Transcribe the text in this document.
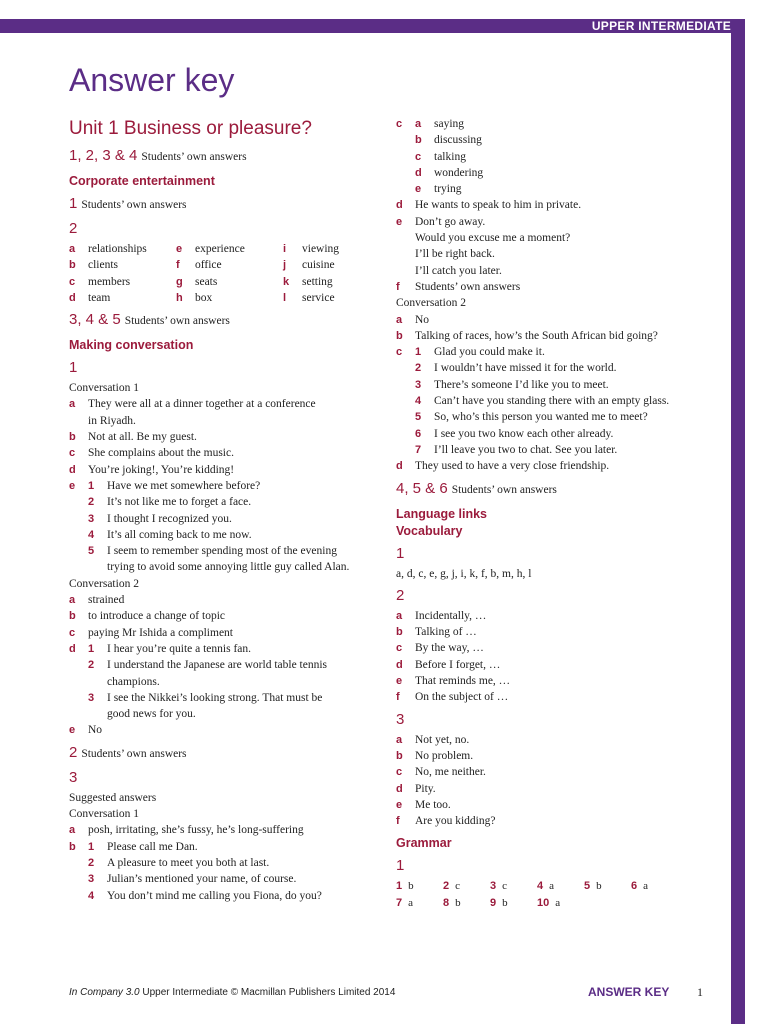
UPPER INTERMEDIATE
Answer key
Unit 1 Business or pleasure?
1, 2, 3 & 4 Students’ own answers
Corporate entertainment
1 Students’ own answers
2
a relationships	e experience	i viewing
b clients	f office	j cuisine
c members	g seats	k setting
d team	h box	l service
3, 4 & 5 Students’ own answers
Making conversation
1
Conversation 1
a They were all at a dinner together at a conference
in Riyadh.
b Not at all. Be my guest.
c She complains about the music.
d You’re joking!, You’re kidding!
e 1 Have we met somewhere before?
2 It’s not like me to forget a face.
3 I thought I recognized you.
4 It’s all coming back to me now.
5 I seem to remember spending most of the evening
trying to avoid some annoying little guy called Alan.
Conversation 2
a strained
b to introduce a change of topic
c paying Mr Ishida a compliment
d 1 I hear you’re quite a tennis fan.
2 I understand the Japanese are world table tennis
champions.
3 I see the Nikkei’s looking strong. That must be
good news for you.
e No
2 Students’ own answers
3
Suggested answers
Conversation 1
a posh, irritating, she’s fussy, he’s long-suffering
b 1 Please call me Dan.
2 A pleasure to meet you both at last.
3 Julian’s mentioned your name, of course.
4 You don’t mind me calling you Fiona, do you?
c a saying
b discussing
c talking
d wondering
e trying
d He wants to speak to him in private.
e Don’t go away.
Would you excuse me a moment?
I’ll be right back.
I’ll catch you later.
f Students’ own answers
Conversation 2
a No
b Talking of races, how’s the South African bid going?
c 1 Glad you could make it.
2 I wouldn’t have missed it for the world.
3 There’s someone I’d like you to meet.
4 Can’t have you standing there with an empty glass.
5 So, who’s this person you wanted me to meet?
6 I see you two know each other already.
7 I’ll leave you two to chat. See you later.
d They used to have a very close friendship.
4, 5 & 6 Students’ own answers
Language links
Vocabulary
1
a, d, c, e, g, j, i, k, f, b, m, h, l
2
a Incidentally, …
b Talking of …
c By the way, …
d Before I forget, …
e That reminds me, …
f On the subject of …
3
a Not yet, no.
b No problem.
c No, me neither.
d Pity.
e Me too.
f Are you kidding?
Grammar
1
1 b	2 c	3 c	4 a	5 b	6 a
7 a	8 b	9 b	10 a
In Company 3.0 Upper Intermediate © Macmillan Publishers Limited 2014	ANSWER KEY 1
